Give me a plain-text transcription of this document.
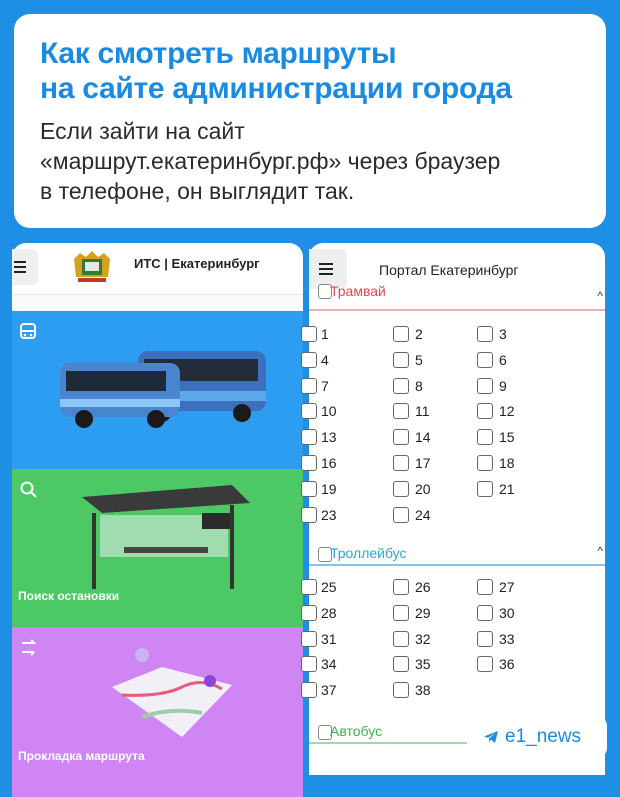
Как смотреть маршруты
на сайте администрации города
Если зайти на сайт
«маршрут.екатеринбург.рф» через браузер
в телефоне, он выглядит так.
ИТС | Екатеринбург
Поиск остановки
Прокладка маршрута
Портал Екатеринбург
Трамвай	^
1	2	3
4	5	6
7	8	9
10	11	12
13	14	15
16	17	18
19	20	21
23	24
Троллейбус	^
25	26	27
28	29	30
31	32	33
34	35	36
37	38
Автобус	e1_news
